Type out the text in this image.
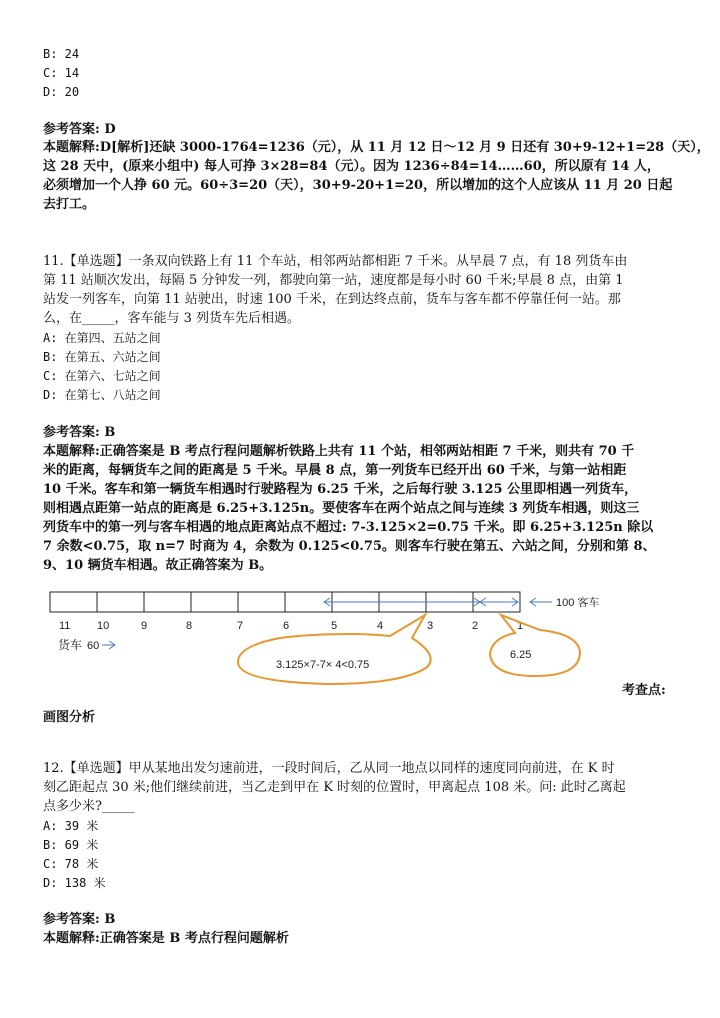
B: 24
C: 14
D: 20
参考答案: D
本题解释:D[解析]还缺 3000-1764=1236（元），从 11 月 12 日～12 月 9 日还有 30+9-12+1=28（天），
这 28 天中，(原来小组中) 每人可挣 3×28=84（元）。因为 1236÷84=14……60，所以原有 14 人，
必须增加一个人挣 60 元。60÷3=20（天），30+9-20+1=20，所以增加的这个人应该从 11 月 20 日起
去打工。
11.【单选题】一条双向铁路上有 11 个车站，相邻两站都相距 7 千米。从早晨 7 点，有 18 列货车由
第 11 站顺次发出，每隔 5 分钟发一列，都驶向第一站，速度都是每小时 60 千米;早晨 8 点，由第 1
站发一列客车，向第 11 站驶出，时速 100 千米，在到达终点前，货车与客车都不停靠任何一站。那
么，在_____，客车能与 3 列货车先后相遇。
A: 在第四、五站之间
B: 在第五、六站之间
C: 在第六、七站之间
D: 在第七、八站之间
参考答案: B
本题解释:正确答案是 B 考点行程问题解析铁路上共有 11 个站，相邻两站相距 7 千米，则共有 70 千
米的距离，每辆货车之间的距离是 5 千米。早晨 8 点，第一列货车已经开出 60 千米，与第一站相距
10 千米。客车和第一辆货车相遇时行驶路程为 6.25 千米，之后每行驶 3.125 公里即相遇一列货车，
则相遇点距第一站点的距离是 6.25+3.125n。要使客车在两个站点之间与连续 3 列货车相遇，则这三
列货车中的第一列与客车相遇的地点距离站点不超过: 7-3.125×2=0.75 千米。即 6.25+3.125n 除以
7 余数<0.75，取 n=7 时商为 4，余数为 0.125<0.75。则客车行驶在第五、六站之间，分别和第 8、
9、10 辆货车相遇。故正确答案为 B。
100 客车
11 10	9	8	7	6	5	4	3	2	1
货车 60
3.125×7-7× 4<0.75
6.25
考查点:
画图分析
12.【单选题】甲从某地出发匀速前进，一段时间后，乙从同一地点以同样的速度同向前进，在 K 时
刻乙距起点 30 米;他们继续前进，当乙走到甲在 K 时刻的位置时，甲离起点 108 米。问: 此时乙离起
点多少米?_____
A: 39 米
B: 69 米
C: 78 米
D: 138 米
参考答案: B
本题解释:正确答案是 B 考点行程问题解析
